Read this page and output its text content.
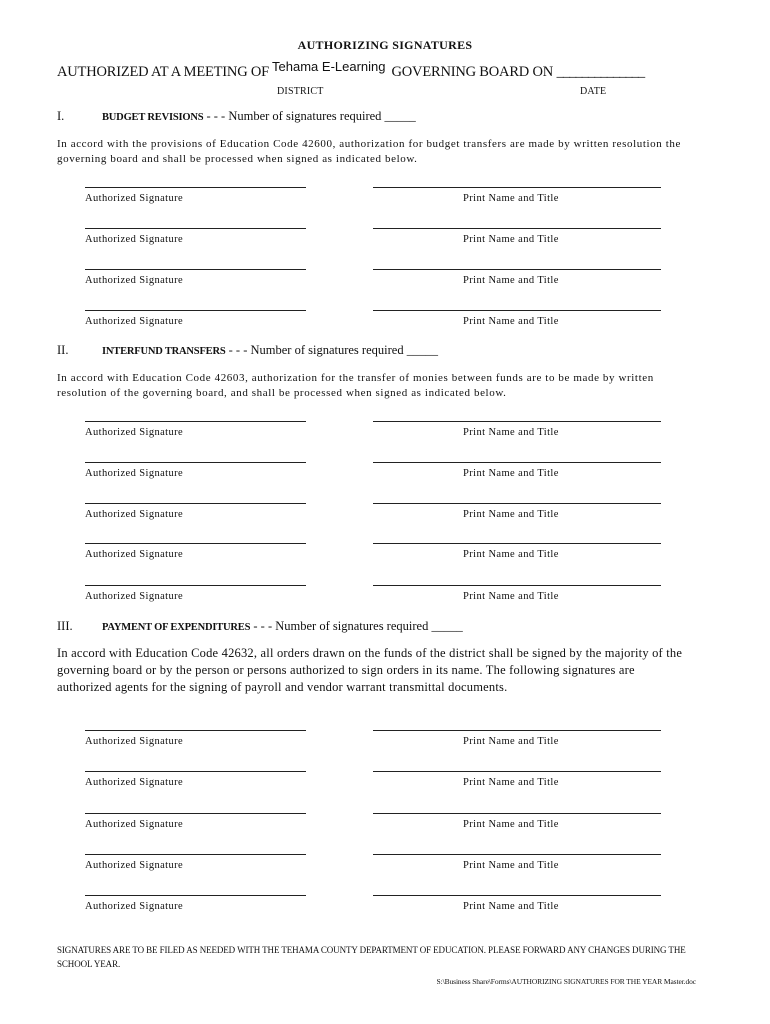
AUTHORIZING SIGNATURES
AUTHORIZED AT A MEETING OF Tehama E-Learning GOVERNING BOARD ON ______________
DISTRICT	DATE
I.	BUDGET REVISIONS - - - Number of signatures required _____
In accord with the provisions of Education Code 42600, authorization for budget transfers are made by written resolution the governing board and shall be processed when signed as indicated below.
Authorized Signature	Print Name and Title
Authorized Signature	Print Name and Title
Authorized Signature	Print Name and Title
Authorized Signature	Print Name and Title
II.	INTERFUND TRANSFERS - - - Number of signatures required _____
In accord with Education Code 42603, authorization for the transfer of monies between funds are to be made by written resolution of the governing board, and shall be processed when signed as indicated below.
Authorized Signature	Print Name and Title
Authorized Signature	Print Name and Title
Authorized Signature	Print Name and Title
Authorized Signature	Print Name and Title
Authorized Signature	Print Name and Title
III.	PAYMENT OF EXPENDITURES - - - Number of signatures required _____
In accord with Education Code 42632, all orders drawn on the funds of the district shall be signed by the majority of the governing board or by the person or persons authorized to sign orders in its name. The following signatures are authorized agents for the signing of payroll and vendor warrant transmittal documents.
Authorized Signature	Print Name and Title
Authorized Signature	Print Name and Title
Authorized Signature	Print Name and Title
Authorized Signature	Print Name and Title
Authorized Signature	Print Name and Title
SIGNATURES ARE TO BE FILED AS NEEDED WITH THE TEHAMA COUNTY DEPARTMENT OF EDUCATION. PLEASE FORWARD ANY CHANGES DURING THE SCHOOL YEAR.
S:\Business Share\Forms\AUTHORIZING SIGNATURES FOR THE YEAR Master.doc
